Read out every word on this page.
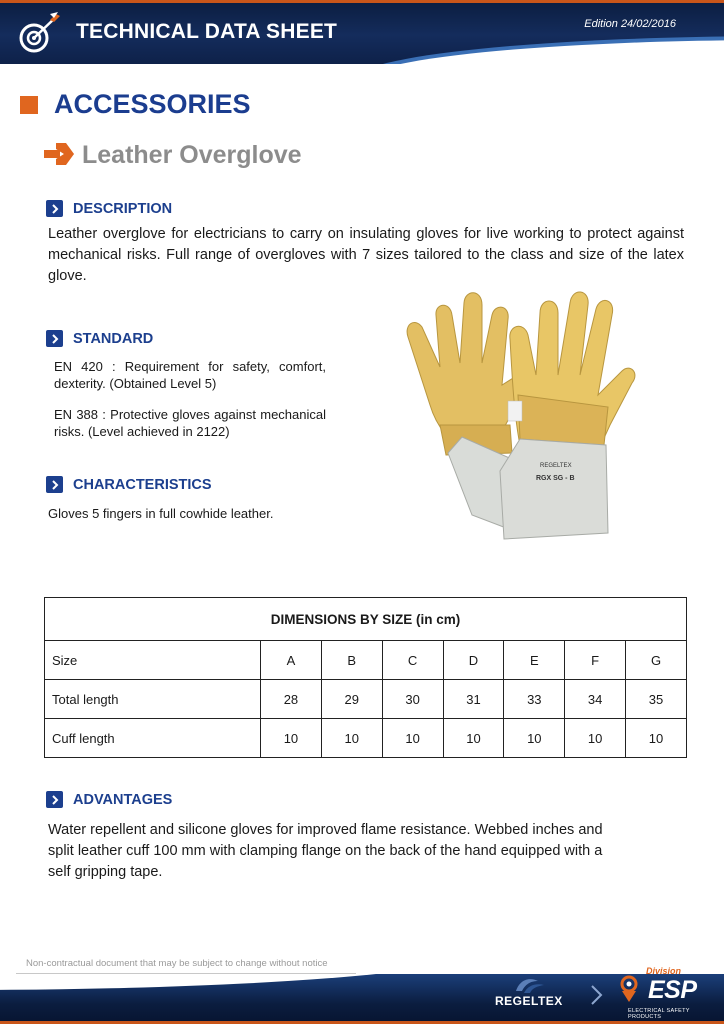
TECHNICAL DATA SHEET	Edition 24/02/2016
ACCESSORIES
Leather Overglove
DESCRIPTION
Leather overglove for electricians to carry on insulating gloves for live working to protect against mechanical risks. Full range of overgloves with 7 sizes tailored to the class and size of the latex glove.
STANDARD
EN 420 : Requirement for safety, comfort, dexterity. (Obtained Level 5)
EN 388 : Protective gloves against mechanical risks. (Level achieved in 2122)
CHARACTERISTICS
Gloves 5 fingers in full cowhide leather.
REGELTEX
RGX SG - B
DIMENSIONS BY SIZE (in cm)							
Size	A	B	C	D	E	F	G
Total length	28	29	30	31	33	34	35
Cuff length	10	10	10	10	10	10	10
ADVANTAGES
Water repellent and silicone gloves for improved flame resistance. Webbed inches and split leather cuff 100 mm with clamping flange on the back of the hand equipped with a self gripping tape.
Non-contractual document that may be subject to change without notice
REGELTEX
Division
ESP
ELECTRICAL SAFETY PRODUCTS
